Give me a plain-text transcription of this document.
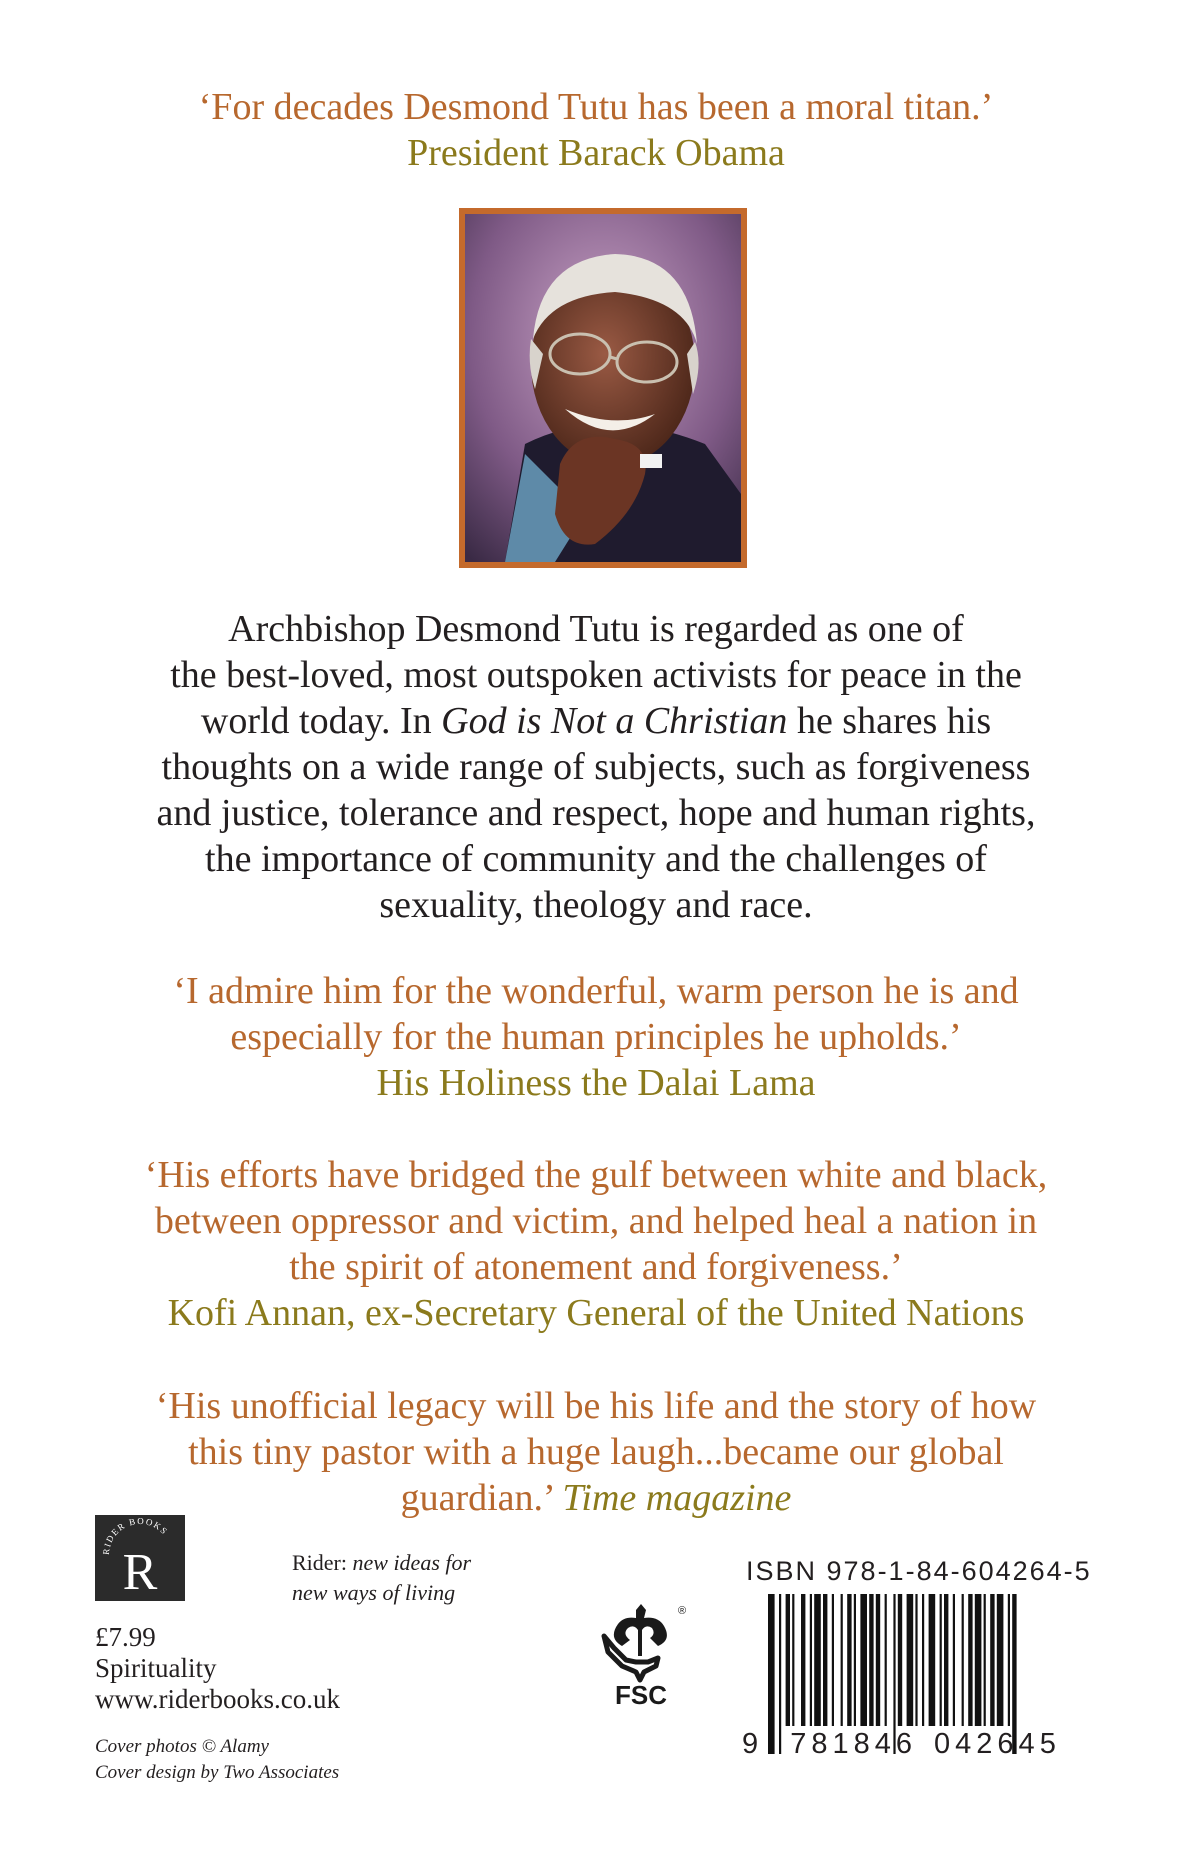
‘For decades Desmond Tutu has been a moral titan.’
President Barack Obama
Archbishop Desmond Tutu is regarded as one of
the best-loved, most outspoken activists for peace in the
world today. In God is Not a Christian he shares his
thoughts on a wide range of subjects, such as forgiveness
and justice, tolerance and respect, hope and human rights,
the importance of community and the challenges of
sexuality, theology and race.
‘I admire him for the wonderful, warm person he is and
especially for the human principles he upholds.’
His Holiness the Dalai Lama
‘His efforts have bridged the gulf between white and black,
between oppressor and victim, and helped heal a nation in
the spirit of atonement and forgiveness.’
Kofi Annan, ex-Secretary General of the United Nations
‘His unofficial legacy will be his life and the story of how
this tiny pastor with a huge laugh...became our global
guardian.’ Time magazine
RIDER BOOKS
R	Rider: new ideas for
new ways of living
£7.99
Spirituality
www.riderbooks.co.uk
Cover photos © Alamy
Cover design by Two Associates
®
FSC
ISBN 978-1-84-604264-5
9 781846 042645
